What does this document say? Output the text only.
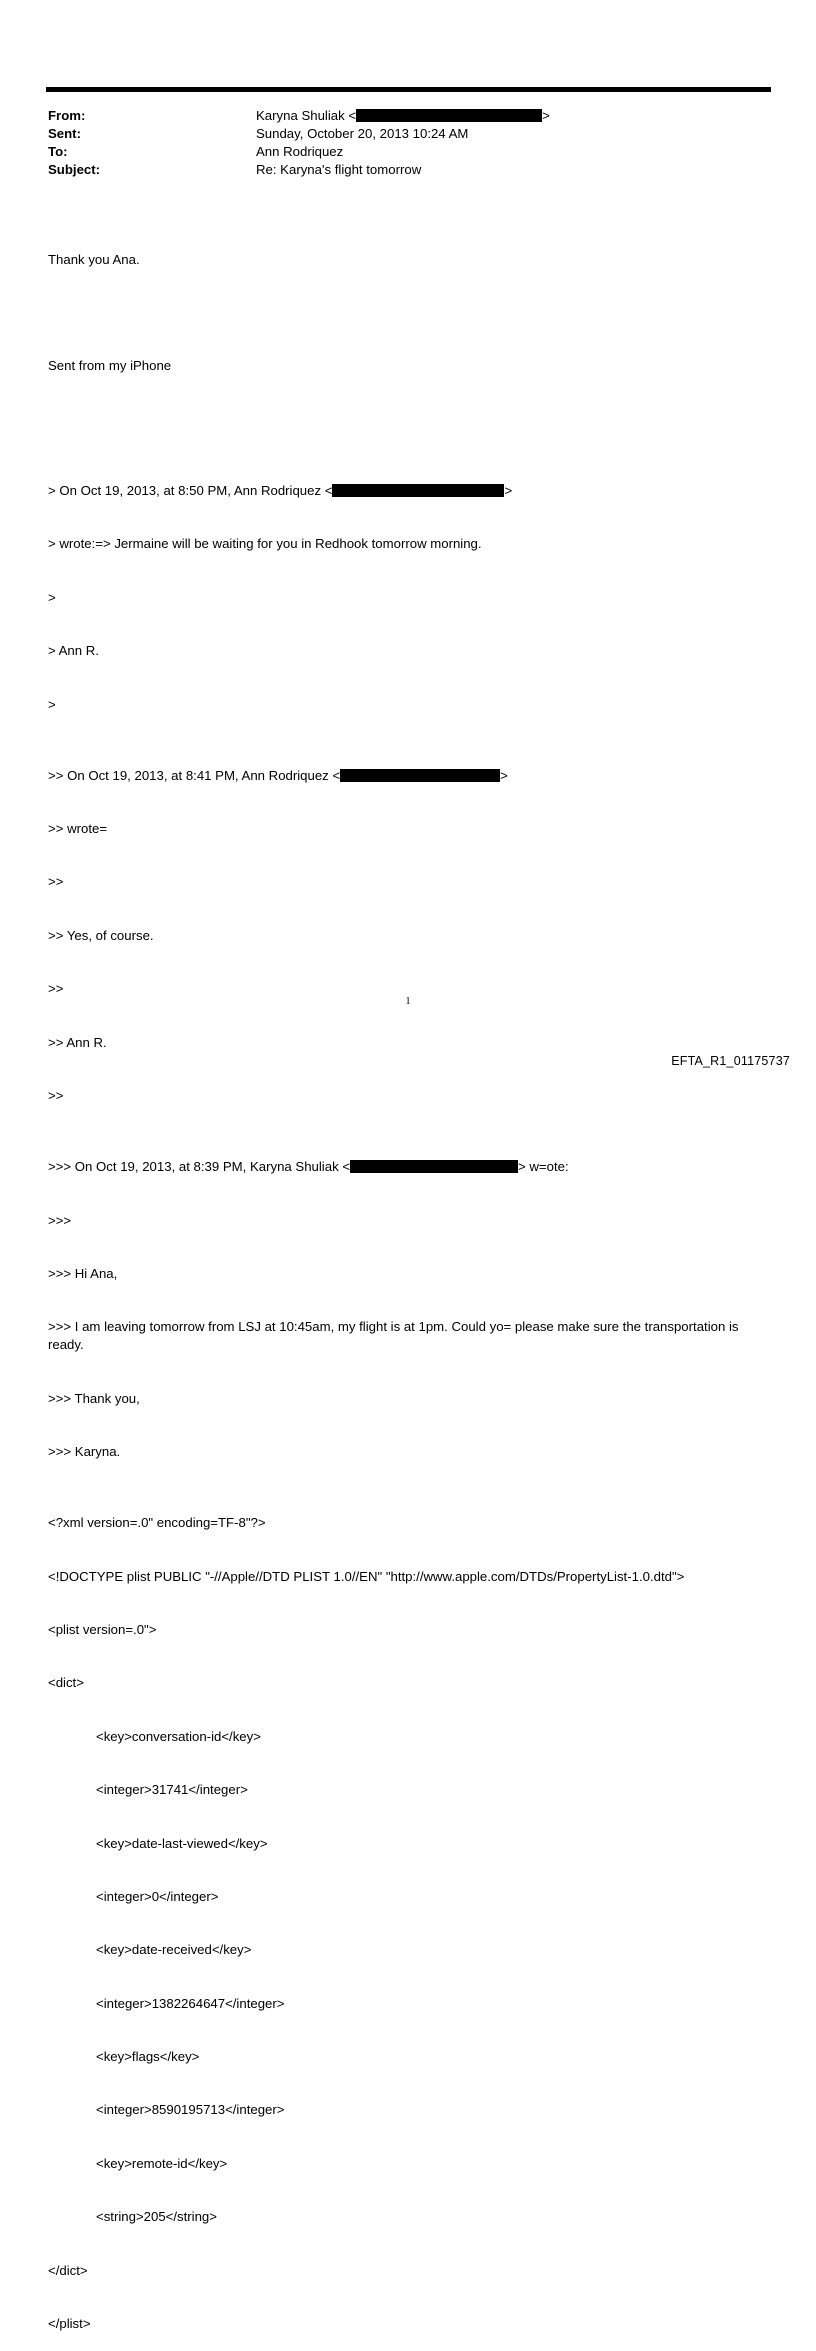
From:	Karyna Shuliak <	>
Sent:	Sunday, October 20, 2013 10:24 AM
To:	Ann Rodriquez
Subject:	Re: Karyna's flight tomorrow

Thank you Ana.

Sent from my iPhone

> On Oct 19, 2013, at 8:50 PM, Ann Rodriquez <	>

> wrote:=> Jermaine will be waiting for you in Redhook tomorrow morning.

>

> Ann R.

>

>> On Oct 19, 2013, at 8:41 PM, Ann Rodriquez <	>

>> wrote=

>>

>> Yes, of course.

>>

>> Ann R.

>>

>>> On Oct 19, 2013, at 8:39 PM, Karyna Shuliak <	> w=ote:

>>>

>>> Hi Ana,

>>> I am leaving tomorrow from LSJ at 10:45am, my flight is at 1pm. Could yo= please make sure the transportation is ready.

>>> Thank you,

>>> Karyna.

<?xml version=.0" encoding=TF-8"?>

<!DOCTYPE plist PUBLIC "-//Apple//DTD PLIST 1.0//EN" "http://www.apple.com/DTDs/PropertyList-1.0.dtd">

<plist version=.0">

<dict>

<key>conversation-id</key>

<integer>31741</integer>

<key>date-last-viewed</key>

<integer>0</integer>

<key>date-received</key>

<integer>1382264647</integer>

<key>flags</key>

<integer>8590195713</integer>

<key>remote-id</key>

<string>205</string>

</dict>

</plist>

1
EFTA_R1_01175737
